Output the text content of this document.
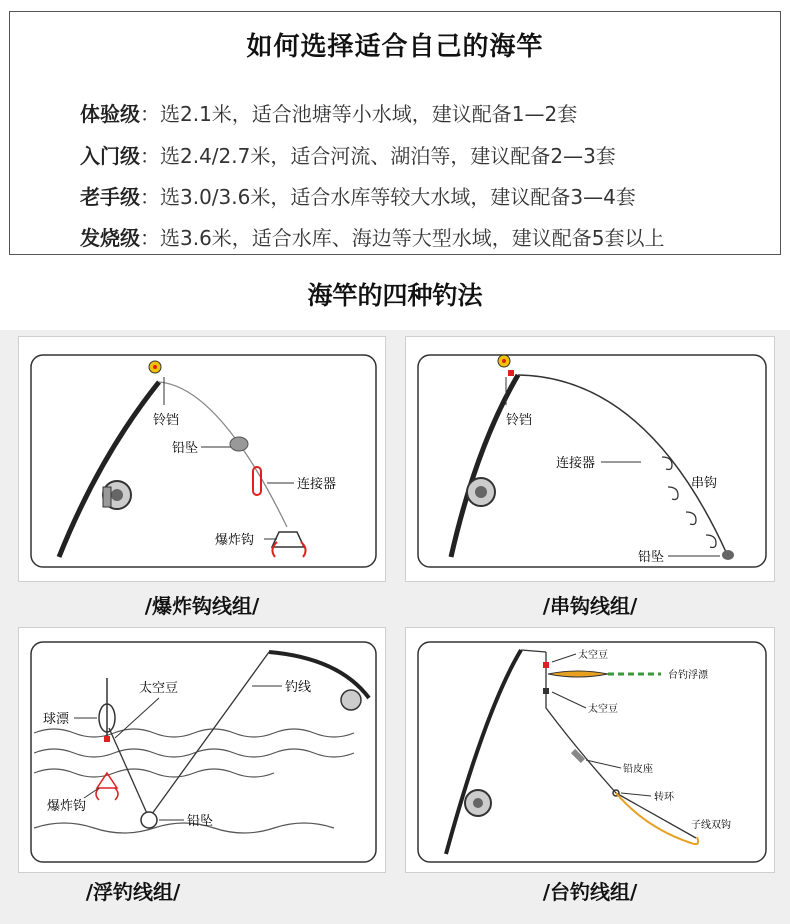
如何选择适合自己的海竿
体验级：选2.1米，适合池塘等小水域，建议配备1—2套
入门级：选2.4/2.7米，适合河流、湖泊等，建议配备2—3套
老手级：选3.0/3.6米，适合水库等较大水域，建议配备3—4套
发烧级：选3.6米，适合水库、海边等大型水域，建议配备5套以上
海竿的四种钓法
铃铛
铅坠
连接器
爆炸钩
/爆炸钩线组/
铃铛
连接器
串钩
铅坠
/串钩线组/
钓线
太空豆
球漂
爆炸钩
铅坠
/浮钓线组/
太空豆
台钓浮漂
太空豆
铅皮座
转环
子线双钩
/台钓线组/
